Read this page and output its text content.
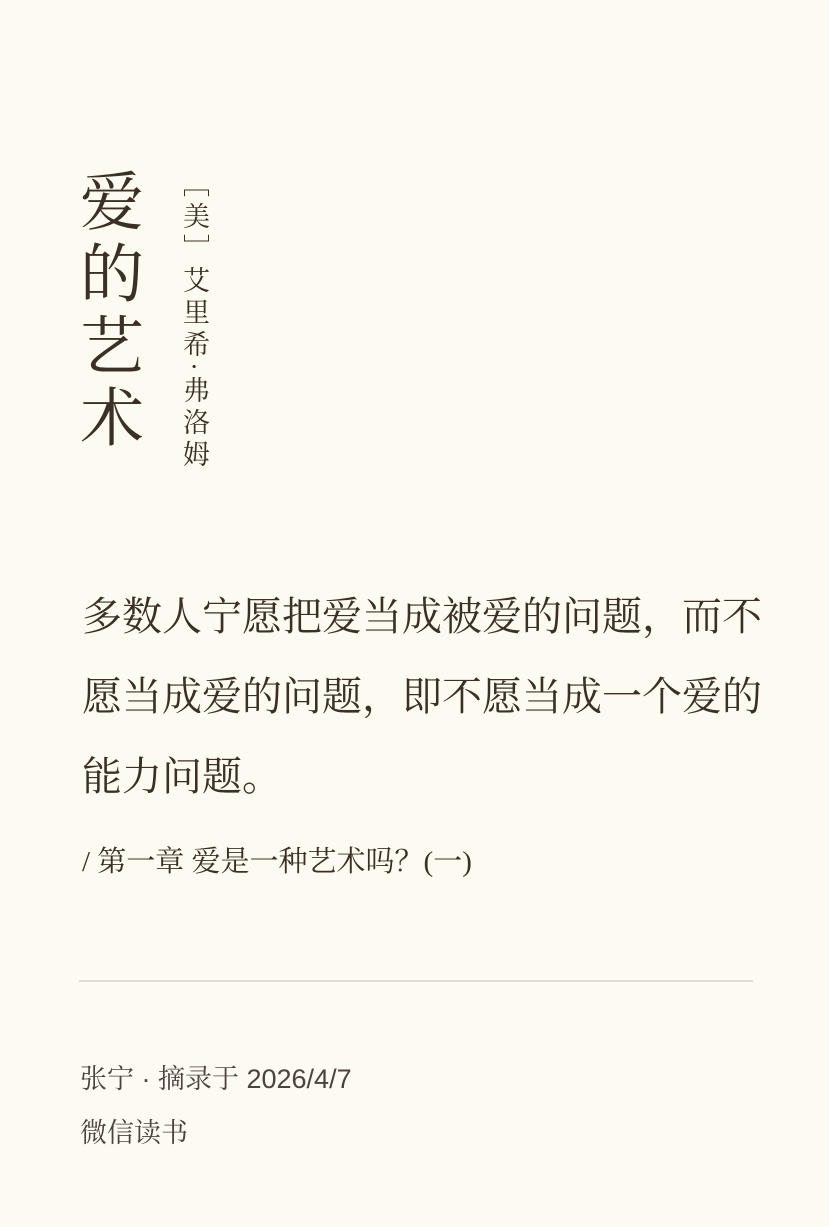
爱的艺术 ［美］艾里希·弗洛姆
多数人宁愿把爱当成被爱的问题，而不
愿当成爱的问题，即不愿当成一个爱的
能力问题。
/ 第一章 爱是一种艺术吗？(一)
张宁 · 摘录于 2026/4/7
微信读书
